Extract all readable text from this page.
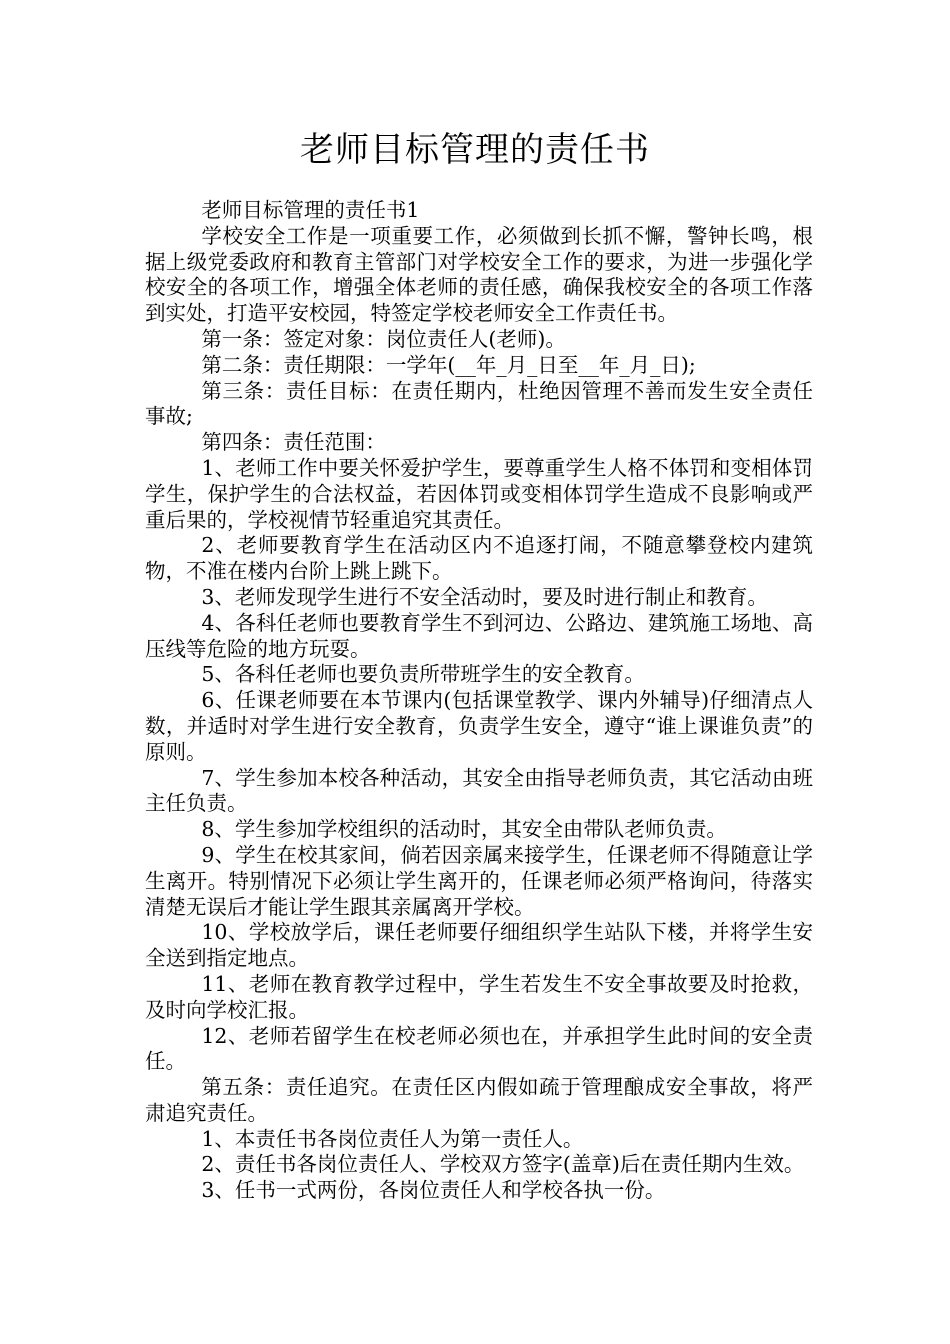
老师目标管理的责任书

老师目标管理的责任书1

学校安全工作是一项重要工作，必须做到长抓不懈，警钟长鸣，根据上级党委政府和教育主管部门对学校安全工作的要求，为进一步强化学校安全的各项工作，增强全体老师的责任感，确保我校安全的各项工作落到实处，打造平安校园，特签定学校老师安全工作责任书。

第一条：签定对象：岗位责任人(老师)。

第二条：责任期限：一学年(__年_月_日至__年_月_日);

第三条：责任目标：在责任期内，杜绝因管理不善而发生安全责任事故;

第四条：责任范围：

1、老师工作中要关怀爱护学生，要尊重学生人格不体罚和变相体罚学生，保护学生的合法权益，若因体罚或变相体罚学生造成不良影响或严重后果的，学校视情节轻重追究其责任。

2、老师要教育学生在活动区内不追逐打闹，不随意攀登校内建筑物，不准在楼内台阶上跳上跳下。

3、老师发现学生进行不安全活动时，要及时进行制止和教育。

4、各科任老师也要教育学生不到河边、公路边、建筑施工场地、高压线等危险的地方玩耍。

5、各科任老师也要负责所带班学生的安全教育。

6、任课老师要在本节课内(包括课堂教学、课内外辅导)仔细清点人数，并适时对学生进行安全教育，负责学生安全，遵守“谁上课谁负责”的原则。

7、学生参加本校各种活动，其安全由指导老师负责，其它活动由班主任负责。

8、学生参加学校组织的活动时，其安全由带队老师负责。

9、学生在校其家间，倘若因亲属来接学生，任课老师不得随意让学生离开。特别情况下必须让学生离开的，任课老师必须严格询问，待落实清楚无误后才能让学生跟其亲属离开学校。

10、学校放学后，课任老师要仔细组织学生站队下楼，并将学生安全送到指定地点。

11、老师在教育教学过程中，学生若发生不安全事故要及时抢救，及时向学校汇报。

12、老师若留学生在校老师必须也在，并承担学生此时间的安全责任。

第五条：责任追究。在责任区内假如疏于管理酿成安全事故，将严肃追究责任。

1、本责任书各岗位责任人为第一责任人。

2、责任书各岗位责任人、学校双方签字(盖章)后在责任期内生效。

3、任书一式两份，各岗位责任人和学校各执一份。
